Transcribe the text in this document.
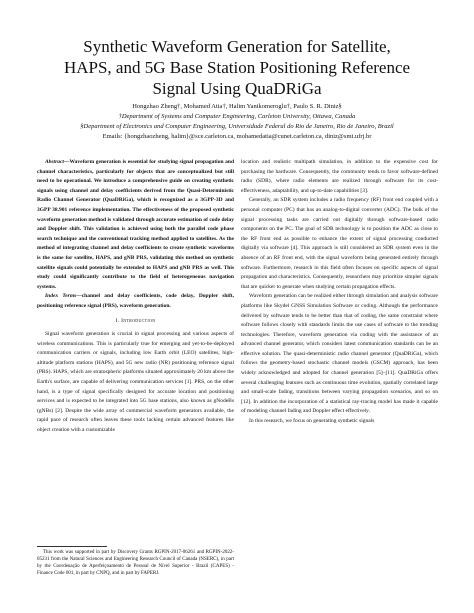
Synthetic Waveform Generation for Satellite,
HAPS, and 5G Base Station Positioning Reference
Signal Using QuaDRiGa
Hongzhao Zheng†, Mohamed Atia†, Halim Yanikomeroglu†, Paulo S. R. Diniz§
†Department of Systems and Computer Engineering, Carleton University, Ottawa, Canada
§Department of Electronics and Computer Engineering, Universidade Federal do Rio de Janeiro, Rio de Janeiro, Brazil
Emails: {hongzhaozheng, halim}@sce.carleton.ca, mohamedatia@cunet.carleton.ca, diniz@smt.ufrj.br

Abstract—Waveform generation is essential for studying signal propagation and channel characteristics, particularly for objects that are conceptualized but still need to be operational. We introduce a comprehensive guide on creating synthetic signals using channel and delay coefficients derived from the Quasi-Deterministic Radio Channel Generator (QuaDRiGa), which is recognized as a 3GPP-3D and 3GPP 38.901 reference implementation. The effectiveness of the proposed synthetic waveform generation method is validated through accurate estimation of code delay and Doppler shift. This validation is achieved using both the parallel code phase search technique and the conventional tracking method applied to satellites. As the method of integrating channel and delay coefficients to create synthetic waveforms is the same for satellite, HAPS, and gNB PRS, validating this method on synthetic satellite signals could potentially be extended to HAPS and gNB PRS as well. This study could significantly contribute to the field of heterogeneous navigation systems.

Index Terms—channel and delay coefficients, code delay, Doppler shift, positioning reference signal (PRS), waveform generation.

I. Introduction

Signal waveform generation is crucial in signal processing and various aspects of wireless communications. This is particularly true for emerging and yet-to-be-deployed communication carriers or signals, including low Earth orbit (LEO) satellites, high-altitude platform stations (HAPS), and 5G new radio (NR) positioning reference signal (PRS). HAPS, which are stratospheric platforms situated approximately 20 km above the Earth's surface, are capable of delivering communication services [1]. PRS, on the other hand, is a type of signal specifically designed for accurate location and positioning services and is expected to be integrated into 5G base stations, also known as gNodeBs (gNBs) [2]. Despite the wide array of commercial waveform generators available, the rapid pace of research often leaves these tools lacking certain advanced features like object creation with a customizable

This work was supported in part by Discovery Grants RGPIN-2017-06261 and RGPIN-2022-05231 from the Natural Sciences and Engineering Research Council of Canada (NSERC), in part by the Coordenação de Aperfeiçoamento de Pessoal de Nível Superior - Brazil (CAPES) - Finance Code 001, in part by CNPQ, and in part by FAPERJ.

location and realistic multipath simulation, in addition to the expensive cost for purchasing the hardware. Consequently, the community tends to favor software-defined radio (SDR), where radio elements are realized through software for its cost-effectiveness, adaptability, and up-to-date capabilities [3].

Generally, an SDR system includes a radio frequency (RF) front end coupled with a personal computer (PC) that has an analog-to-digital converter (ADC). The bulk of the signal processing tasks are carried out digitally through software-based radio components on the PC. The goal of SDR technology is to position the ADC as close to the RF front end as possible to enhance the extent of signal processing conducted digitally via software [4]. This approach is still considered an SDR system even in the absence of an RF front end, with the signal waveform being generated entirely through software. Furthermore, research in this field often focuses on specific aspects of signal propagation and characteristics. Consequently, researchers may prioritize simpler signals that are quicker to generate when studying certain propagation effects.

Waveform generation can be realized either through simulation and analysis software platforms like Skydel GNSS Simulation Software or coding. Although the performance delivered by software tends to be better than that of coding, the same constraint where software follows closely with standards limits the use cases of software to the trending technologies. Therefore, waveform generation via coding with the assistance of an advanced channel generator, which considers latest communication standards can be an effective solution. The quasi-deterministic radio channel generator (QuaDRiGa), which follows the geometry-based stochastic channel models (GSCM) approach, has been widely acknowledged and adopted for channel generation [5]–[11]. QuaDRiGa offers several challenging features such as continuous time evolution, spatially correlated large and small-scale fading, transitions between varying propagation scenarios, and so on [12]. In addition the incorporation of a statistical ray-tracing model has made it capable of modeling channel fading and Doppler effect effectively.

In this research, we focus on generating synthetic signals
